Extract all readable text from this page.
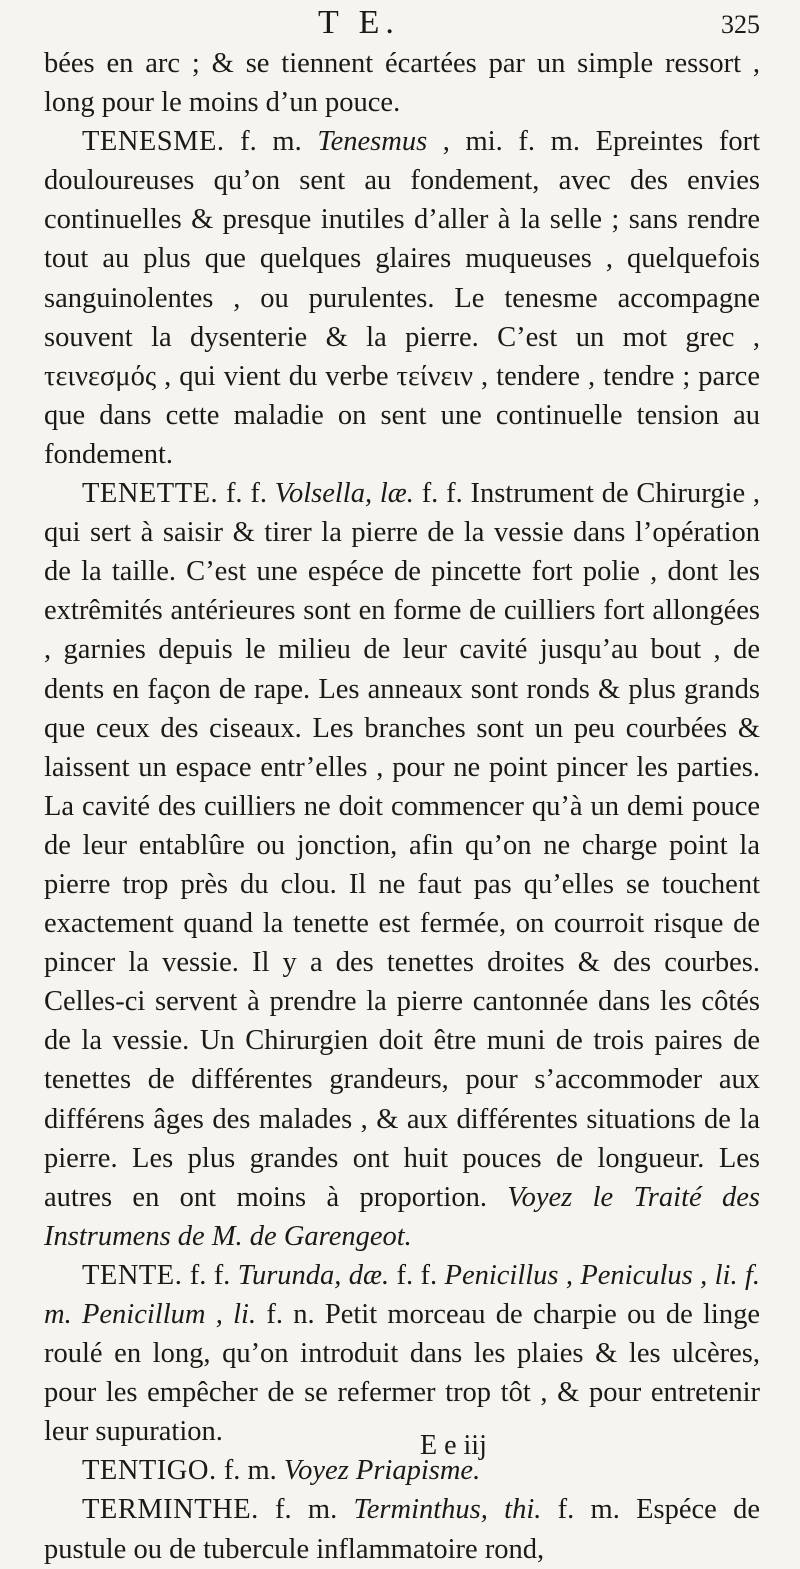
T E.	325

bées en arc ; & se tiennent écartées par un simple ressort , long pour le moins d’un pouce.

TENESME. f. m. Tenesmus , mi. f. m. Epreintes fort douloureuses qu’on sent au fondement, avec des envies continuelles & presque inutiles d’aller à la selle ; sans rendre tout au plus que quelques glaires muqueuses , quelquefois sanguinolentes , ou purulentes. Le tenesme accompagne souvent la dysenterie & la pierre. C’est un mot grec , τεινεσμός , qui vient du verbe τείνειν , tendere , tendre ; parce que dans cette maladie on sent une continuelle tension au fondement.

TENETTE. f. f. Volsella, læ. f. f. Instrument de Chirurgie , qui sert à saisir & tirer la pierre de la vessie dans l’opération de la taille. C’est une espéce de pincette fort polie , dont les extrêmités antérieures sont en forme de cuilliers fort allongées , garnies depuis le milieu de leur cavité jusqu’au bout , de dents en façon de rape. Les anneaux sont ronds & plus grands que ceux des ciseaux. Les branches sont un peu courbées & laissent un espace entr’elles , pour ne point pincer les parties. La cavité des cuilliers ne doit commencer qu’à un demi pouce de leur entablûre ou jonction, afin qu’on ne charge point la pierre trop près du clou. Il ne faut pas qu’elles se touchent exactement quand la tenette est fermée, on courroit risque de pincer la vessie. Il y a des tenettes droites & des courbes. Celles-ci servent à prendre la pierre cantonnée dans les côtés de la vessie. Un Chirurgien doit être muni de trois paires de tenettes de différentes grandeurs, pour s’accommoder aux différens âges des malades , & aux différentes situations de la pierre. Les plus grandes ont huit pouces de longueur. Les autres en ont moins à proportion. Voyez le Traité des Instrumens de M. de Garengeot.

TENTE. f. f. Turunda, dæ. f. f. Penicillus , Peniculus , li. f. m. Penicillum , li. f. n. Petit morceau de charpie ou de linge roulé en long, qu’on introduit dans les plaies & les ulcères, pour les empêcher de se refermer trop tôt , & pour entretenir leur supuration.

TENTIGO. f. m. Voyez Priapisme.

TERMINTHE. f. m. Terminthus, thi. f. m. Espéce de pustule ou de tubercule inflammatoire rond,

E e iij
